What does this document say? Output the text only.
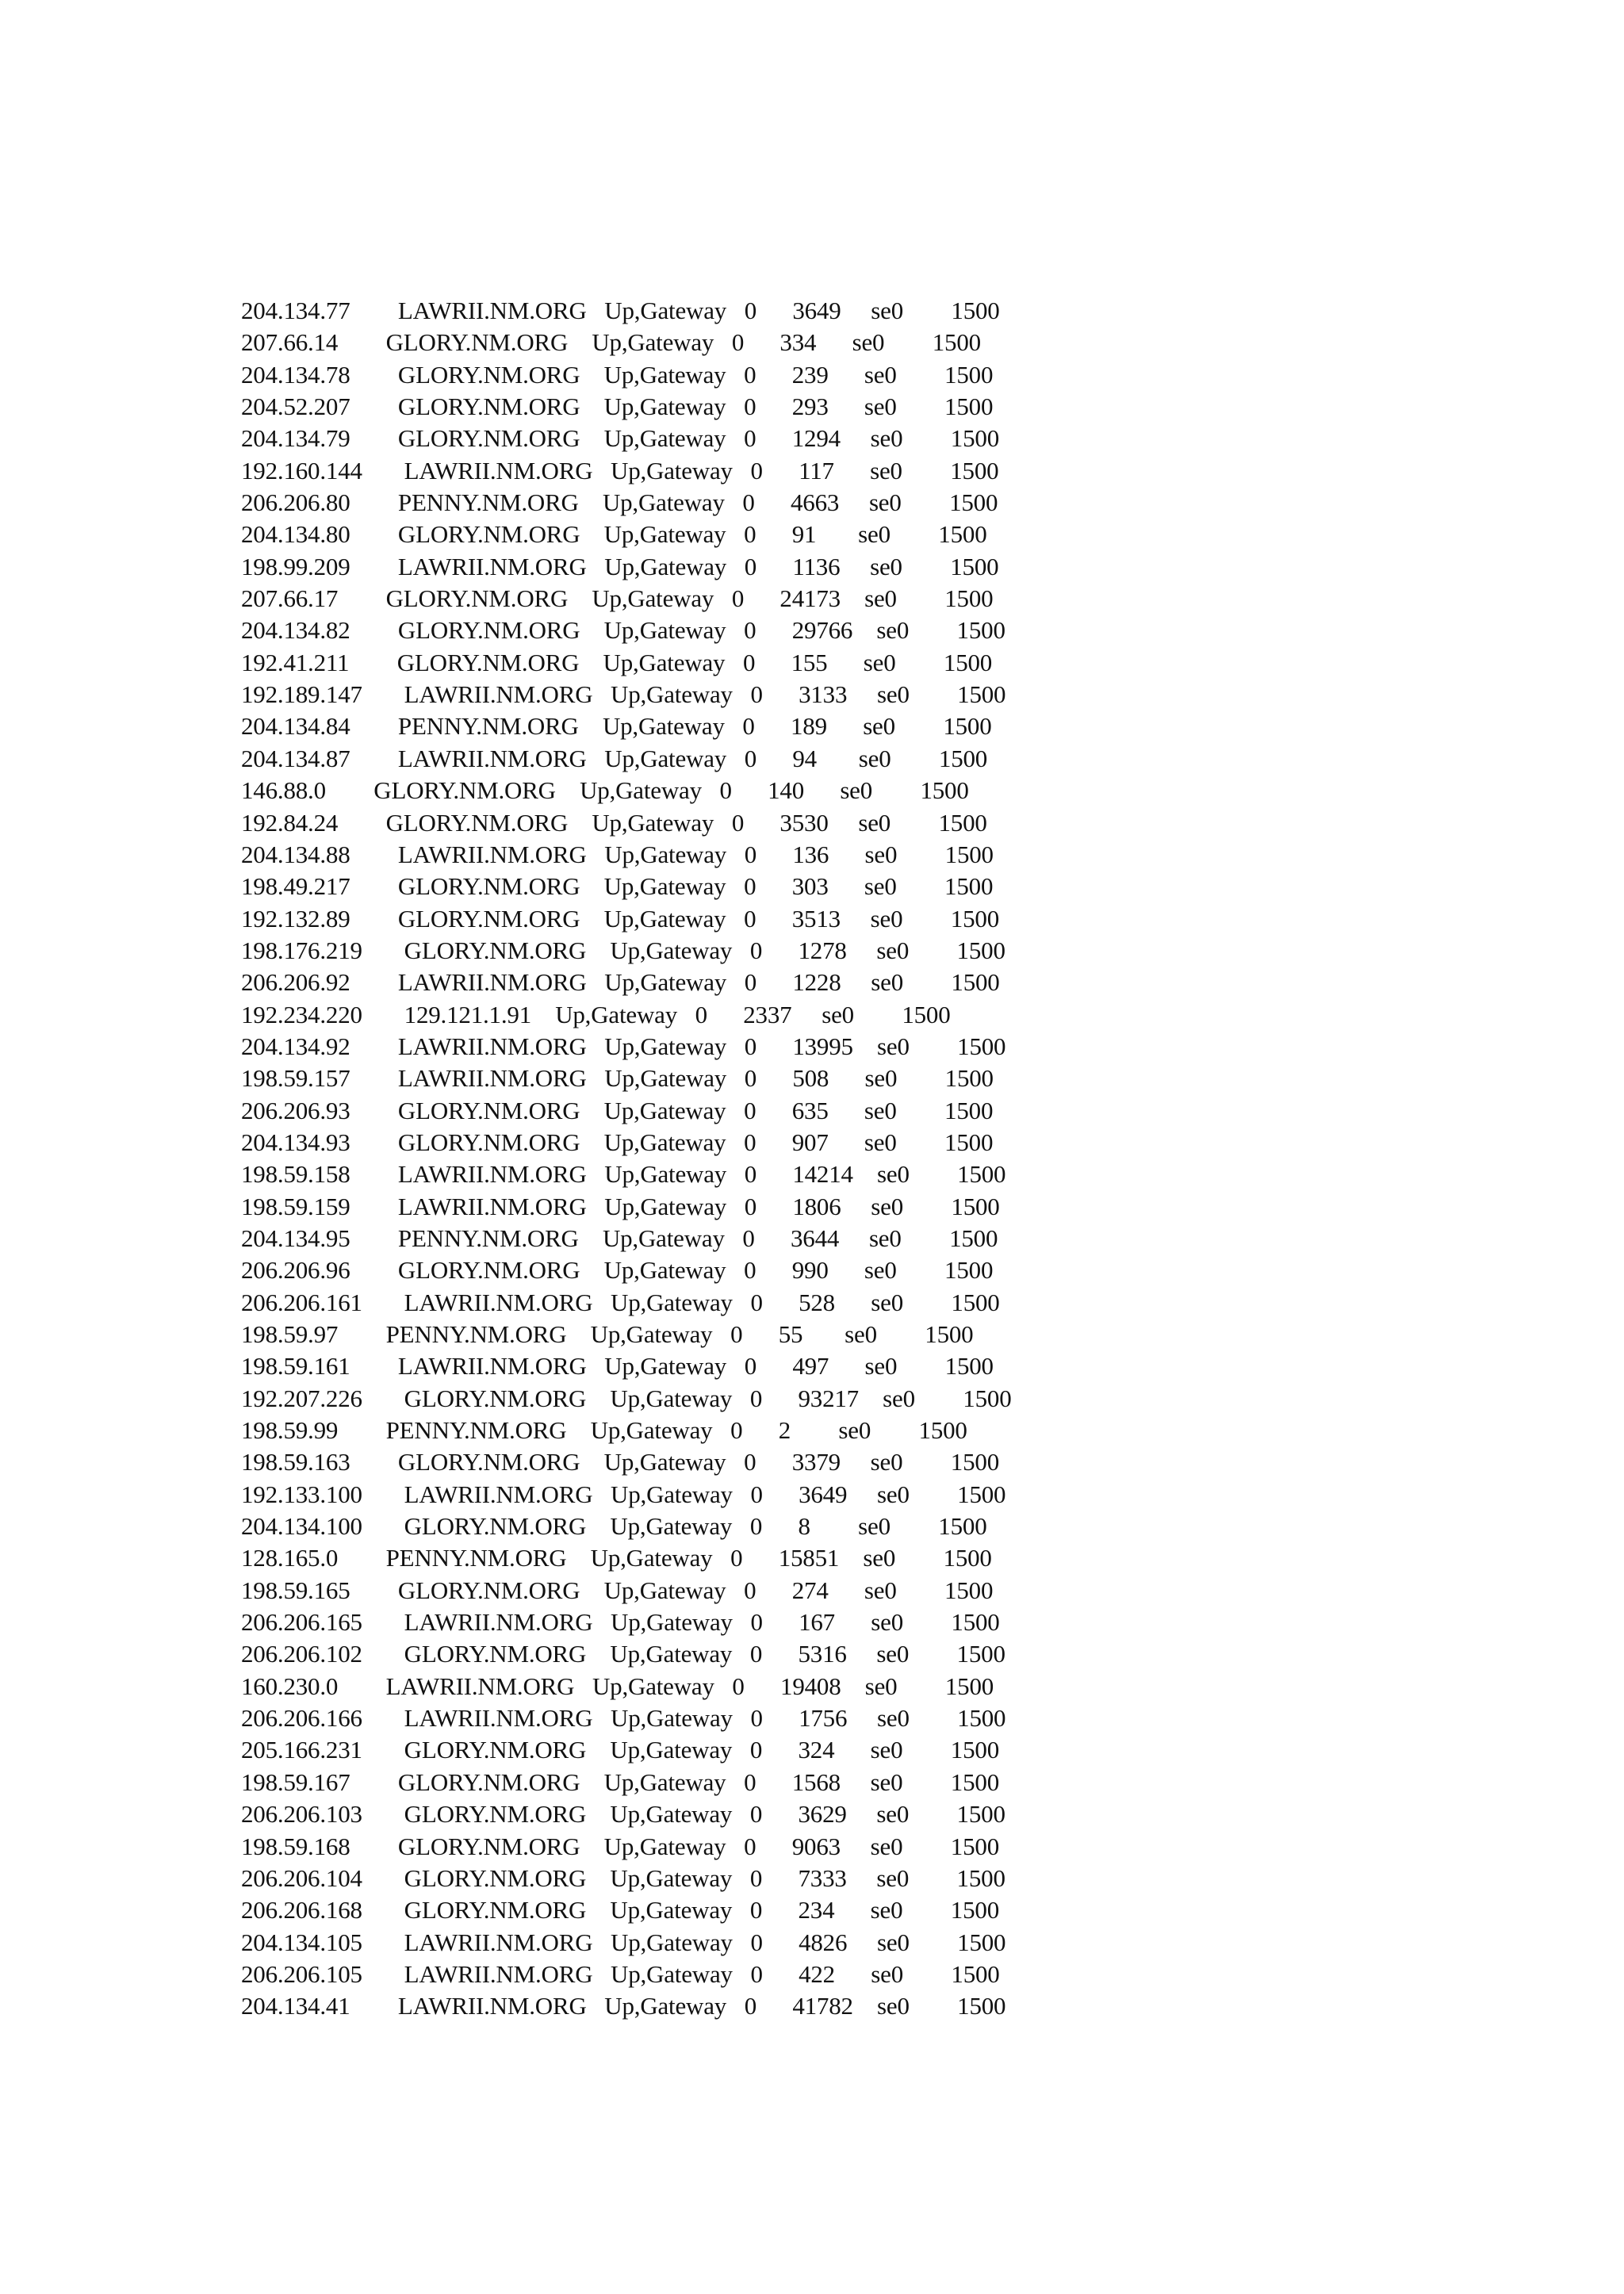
204.134.77        LAWRII.NM.ORG   Up,Gateway   0      3649     se0        1500
207.66.14        GLORY.NM.ORG    Up,Gateway   0      334      se0        1500
204.134.78        GLORY.NM.ORG    Up,Gateway   0      239      se0        1500
204.52.207        GLORY.NM.ORG    Up,Gateway   0      293      se0        1500
204.134.79        GLORY.NM.ORG    Up,Gateway   0      1294     se0        1500
192.160.144       LAWRII.NM.ORG   Up,Gateway   0      117      se0        1500
206.206.80        PENNY.NM.ORG    Up,Gateway   0      4663     se0        1500
204.134.80        GLORY.NM.ORG    Up,Gateway   0      91       se0        1500
198.99.209        LAWRII.NM.ORG   Up,Gateway   0      1136     se0        1500
207.66.17        GLORY.NM.ORG    Up,Gateway   0      24173    se0        1500
204.134.82        GLORY.NM.ORG    Up,Gateway   0      29766    se0        1500
192.41.211        GLORY.NM.ORG    Up,Gateway   0      155      se0        1500
192.189.147       LAWRII.NM.ORG   Up,Gateway   0      3133     se0        1500
204.134.84        PENNY.NM.ORG    Up,Gateway   0      189      se0        1500
204.134.87        LAWRII.NM.ORG   Up,Gateway   0      94       se0        1500
146.88.0        GLORY.NM.ORG    Up,Gateway   0      140      se0        1500
192.84.24        GLORY.NM.ORG    Up,Gateway   0      3530     se0        1500
204.134.88        LAWRII.NM.ORG   Up,Gateway   0      136      se0        1500
198.49.217        GLORY.NM.ORG    Up,Gateway   0      303      se0        1500
192.132.89        GLORY.NM.ORG    Up,Gateway   0      3513     se0        1500
198.176.219       GLORY.NM.ORG    Up,Gateway   0      1278     se0        1500
206.206.92        LAWRII.NM.ORG   Up,Gateway   0      1228     se0        1500
192.234.220       129.121.1.91    Up,Gateway   0      2337     se0        1500
204.134.92        LAWRII.NM.ORG   Up,Gateway   0      13995    se0        1500
198.59.157        LAWRII.NM.ORG   Up,Gateway   0      508      se0        1500
206.206.93        GLORY.NM.ORG    Up,Gateway   0      635      se0        1500
204.134.93        GLORY.NM.ORG    Up,Gateway   0      907      se0        1500
198.59.158        LAWRII.NM.ORG   Up,Gateway   0      14214    se0        1500
198.59.159        LAWRII.NM.ORG   Up,Gateway   0      1806     se0        1500
204.134.95        PENNY.NM.ORG    Up,Gateway   0      3644     se0        1500
206.206.96        GLORY.NM.ORG    Up,Gateway   0      990      se0        1500
206.206.161       LAWRII.NM.ORG   Up,Gateway   0      528      se0        1500
198.59.97        PENNY.NM.ORG    Up,Gateway   0      55       se0        1500
198.59.161        LAWRII.NM.ORG   Up,Gateway   0      497      se0        1500
192.207.226       GLORY.NM.ORG    Up,Gateway   0      93217    se0        1500
198.59.99        PENNY.NM.ORG    Up,Gateway   0      2        se0        1500
198.59.163        GLORY.NM.ORG    Up,Gateway   0      3379     se0        1500
192.133.100       LAWRII.NM.ORG   Up,Gateway   0      3649     se0        1500
204.134.100       GLORY.NM.ORG    Up,Gateway   0      8        se0        1500
128.165.0        PENNY.NM.ORG    Up,Gateway   0      15851    se0        1500
198.59.165        GLORY.NM.ORG    Up,Gateway   0      274      se0        1500
206.206.165       LAWRII.NM.ORG   Up,Gateway   0      167      se0        1500
206.206.102       GLORY.NM.ORG    Up,Gateway   0      5316     se0        1500
160.230.0        LAWRII.NM.ORG   Up,Gateway   0      19408    se0        1500
206.206.166       LAWRII.NM.ORG   Up,Gateway   0      1756     se0        1500
205.166.231       GLORY.NM.ORG    Up,Gateway   0      324      se0        1500
198.59.167        GLORY.NM.ORG    Up,Gateway   0      1568     se0        1500
206.206.103       GLORY.NM.ORG    Up,Gateway   0      3629     se0        1500
198.59.168        GLORY.NM.ORG    Up,Gateway   0      9063     se0        1500
206.206.104       GLORY.NM.ORG    Up,Gateway   0      7333     se0        1500
206.206.168       GLORY.NM.ORG    Up,Gateway   0      234      se0        1500
204.134.105       LAWRII.NM.ORG   Up,Gateway   0      4826     se0        1500
206.206.105       LAWRII.NM.ORG   Up,Gateway   0      422      se0        1500
204.134.41        LAWRII.NM.ORG   Up,Gateway   0      41782    se0        1500
